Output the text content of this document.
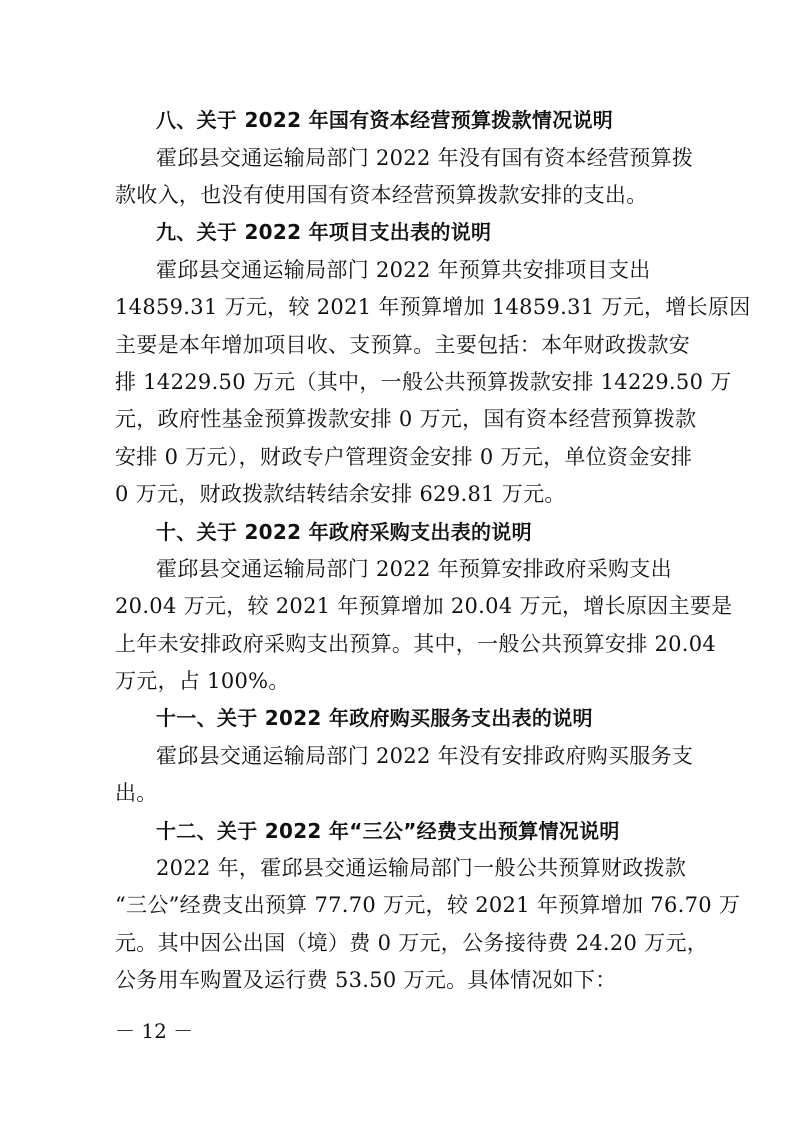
八、关于 2022 年国有资本经营预算拨款情况说明
霍邱县交通运输局部门 2022 年没有国有资本经营预算拨
款收入，也没有使用国有资本经营预算拨款安排的支出。
九、关于 2022 年项目支出表的说明
霍邱县交通运输局部门 2022 年预算共安排项目支出
14859.31 万元，较 2021 年预算增加 14859.31 万元，增长原因
主要是本年增加项目收、支预算。主要包括：本年财政拨款安
排 14229.50 万元（其中，一般公共预算拨款安排 14229.50 万
元，政府性基金预算拨款安排 0 万元，国有资本经营预算拨款
安排 0 万元），财政专户管理资金安排 0 万元，单位资金安排
0 万元，财政拨款结转结余安排 629.81 万元。
十、关于 2022 年政府采购支出表的说明
霍邱县交通运输局部门 2022 年预算安排政府采购支出
20.04 万元，较 2021 年预算增加 20.04 万元，增长原因主要是
上年未安排政府采购支出预算。其中，一般公共预算安排 20.04
万元，占 100%。
十一、关于 2022 年政府购买服务支出表的说明
霍邱县交通运输局部门 2022 年没有安排政府购买服务支
出。
十二、关于 2022 年“三公”经费支出预算情况说明
2022 年，霍邱县交通运输局部门一般公共预算财政拨款
“三公”经费支出预算 77.70 万元，较 2021 年预算增加 76.70 万
元。其中因公出国（境）费 0 万元，公务接待费 24.20 万元，
公务用车购置及运行费 53.50 万元。具体情况如下：
－ 12 －
